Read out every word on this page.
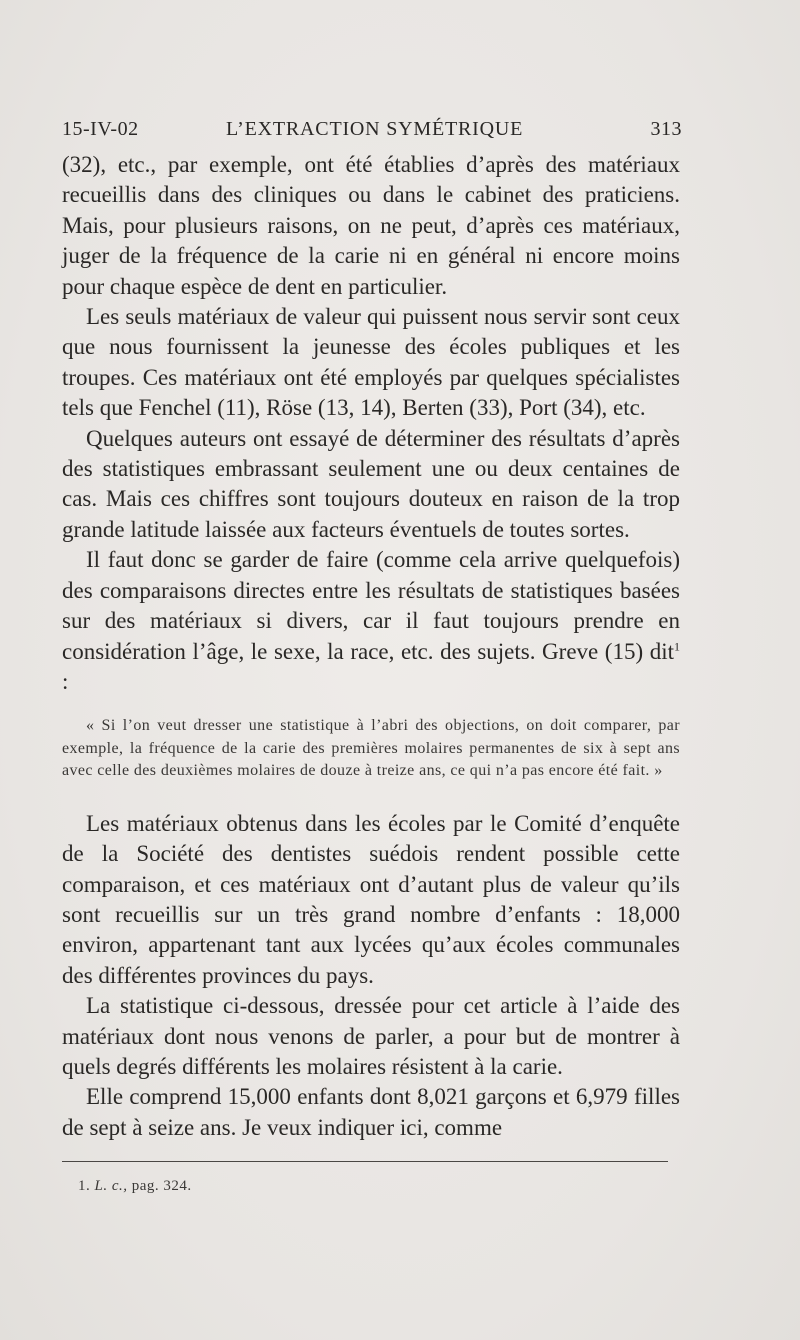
15-IV-02	L’EXTRACTION SYMÉTRIQUE	313

(32), etc., par exemple, ont été établies d’après des matériaux recueillis dans des cliniques ou dans le cabinet des praticiens. Mais, pour plusieurs raisons, on ne peut, d’après ces matériaux, juger de la fréquence de la carie ni en général ni encore moins pour chaque espèce de dent en particulier.

Les seuls matériaux de valeur qui puissent nous servir sont ceux que nous fournissent la jeunesse des écoles publiques et les troupes. Ces matériaux ont été employés par quelques spécialistes tels que Fenchel (11), Röse (13, 14), Berten (33), Port (34), etc.

Quelques auteurs ont essayé de déterminer des résultats d’après des statistiques embrassant seulement une ou deux centaines de cas. Mais ces chiffres sont toujours douteux en raison de la trop grande latitude laissée aux facteurs éventuels de toutes sortes.

Il faut donc se garder de faire (comme cela arrive quelquefois) des comparaisons directes entre les résultats de statistiques basées sur des matériaux si divers, car il faut toujours prendre en considération l’âge, le sexe, la race, etc. des sujets. Greve (15) dit$^1$ :

« Si l’on veut dresser une statistique à l’abri des objections, on doit comparer, par exemple, la fréquence de la carie des premières molaires permanentes de six à sept ans avec celle des deuxièmes molaires de douze à treize ans, ce qui n’a pas encore été fait. »

Les matériaux obtenus dans les écoles par le Comité d’enquête de la Société des dentistes suédois rendent possible cette comparaison, et ces matériaux ont d’autant plus de valeur qu’ils sont recueillis sur un très grand nombre d’enfants : 18,000 environ, appartenant tant aux lycées qu’aux écoles communales des différentes provinces du pays.

La statistique ci-dessous, dressée pour cet article à l’aide des matériaux dont nous venons de parler, a pour but de montrer à quels degrés différents les molaires résistent à la carie.

Elle comprend 15,000 enfants dont 8,021 garçons et 6,979 filles de sept à seize ans. Je veux indiquer ici, comme

1. L. c., pag. 324.
